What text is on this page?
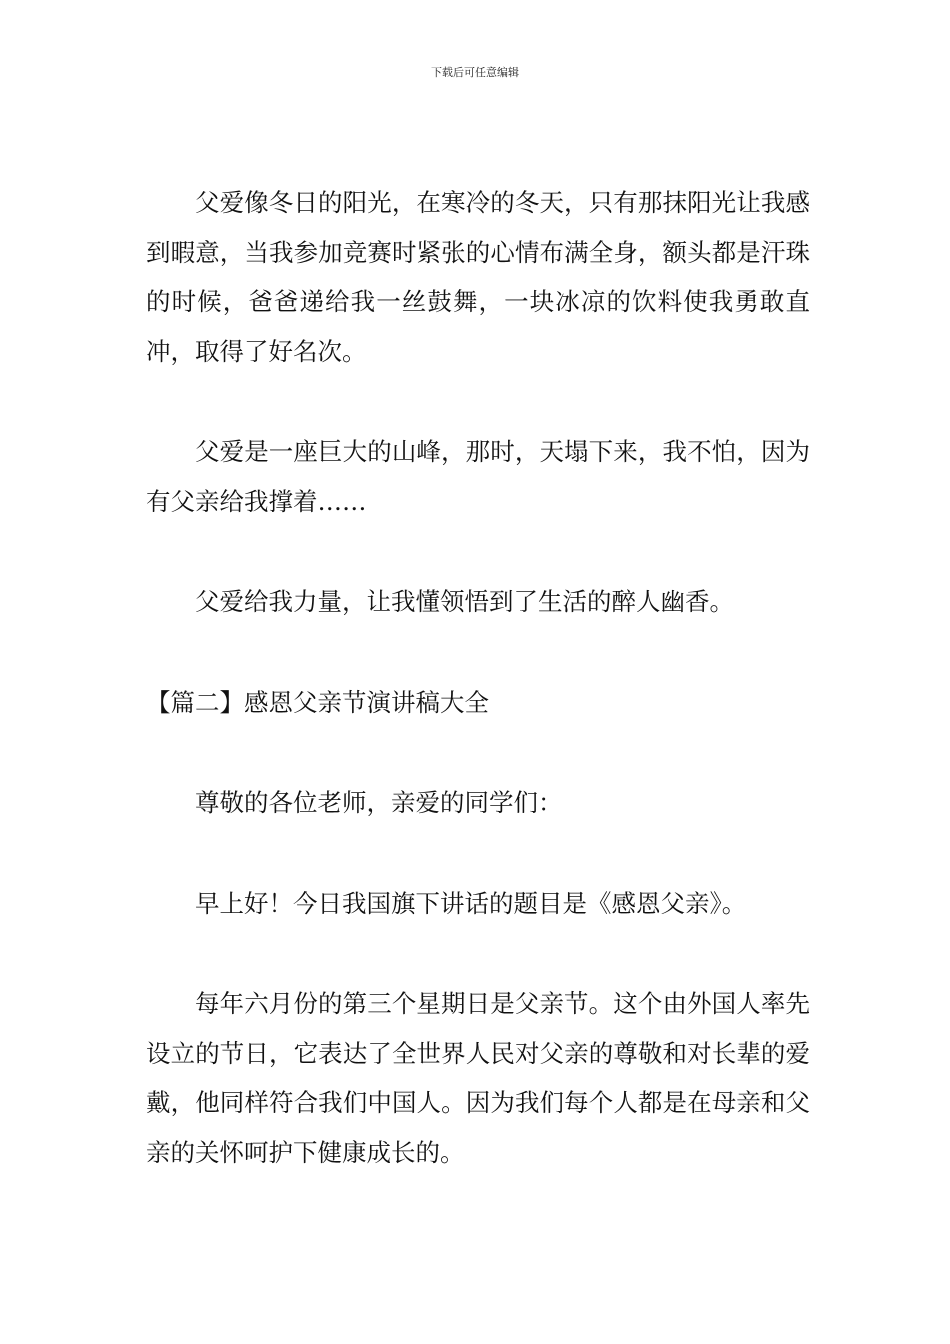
下载后可任意编辑

父爱像冬日的阳光，在寒冷的冬天，只有那抹阳光让我感到暇意，当我参加竞赛时紧张的心情布满全身，额头都是汗珠的时候，爸爸递给我一丝鼓舞，一块冰凉的饮料使我勇敢直冲，取得了好名次。

父爱是一座巨大的山峰，那时，天塌下来，我不怕，因为有父亲给我撑着……

父爱给我力量，让我懂领悟到了生活的醉人幽香。

【篇二】感恩父亲节演讲稿大全

尊敬的各位老师，亲爱的同学们：

早上好！今日我国旗下讲话的题目是《感恩父亲》。

每年六月份的第三个星期日是父亲节。这个由外国人率先设立的节日，它表达了全世界人民对父亲的尊敬和对长辈的爱戴，他同样符合我们中国人。因为我们每个人都是在母亲和父亲的关怀呵护下健康成长的。
